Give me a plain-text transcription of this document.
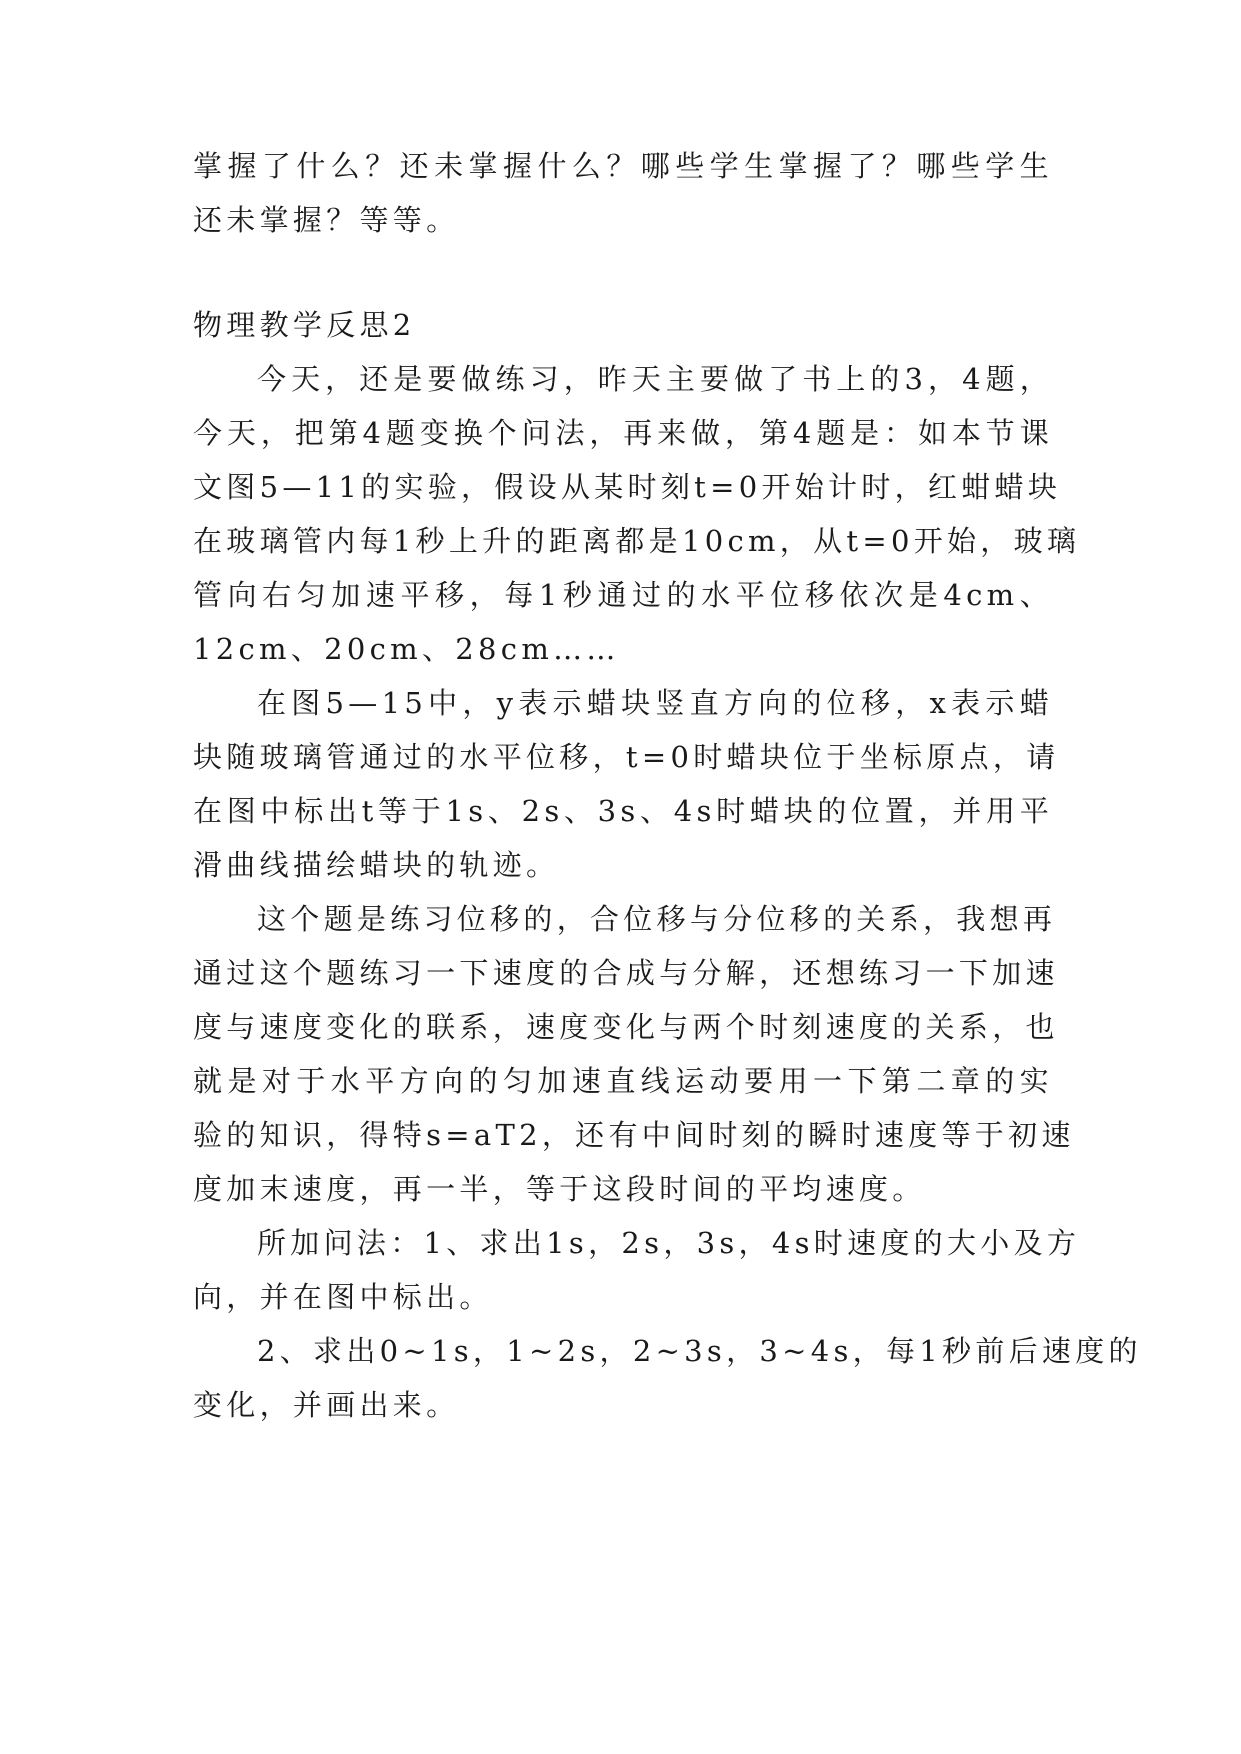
掌握了什么？还未掌握什么？哪些学生掌握了？哪些学生
还未掌握？等等。
物理教学反思2
今天，还是要做练习，昨天主要做了书上的3，4题，
今天，把第4题变换个问法，再来做，第4题是：如本节课
文图5—11的实验，假设从某时刻t=0开始计时，红蚶蜡块
在玻璃管内每1秒上升的距离都是10cm，从t=0开始，玻璃
管向右匀加速平移，每1秒通过的水平位移依次是4cm、
12cm、20cm、28cm……
在图5—15中，y表示蜡块竖直方向的位移，x表示蜡
块随玻璃管通过的水平位移，t=0时蜡块位于坐标原点，请
在图中标出t等于1s、2s、3s、4s时蜡块的位置，并用平
滑曲线描绘蜡块的轨迹。
这个题是练习位移的，合位移与分位移的关系，我想再
通过这个题练习一下速度的合成与分解，还想练习一下加速
度与速度变化的联系，速度变化与两个时刻速度的关系，也
就是对于水平方向的匀加速直线运动要用一下第二章的实
验的知识，得特s=aT2，还有中间时刻的瞬时速度等于初速
度加末速度，再一半，等于这段时间的平均速度。
所加问法：1、求出1s，2s，3s，4s时速度的大小及方
向，并在图中标出。
2、求出0~1s，1~2s，2~3s，3~4s，每1秒前后速度的
变化，并画出来。
